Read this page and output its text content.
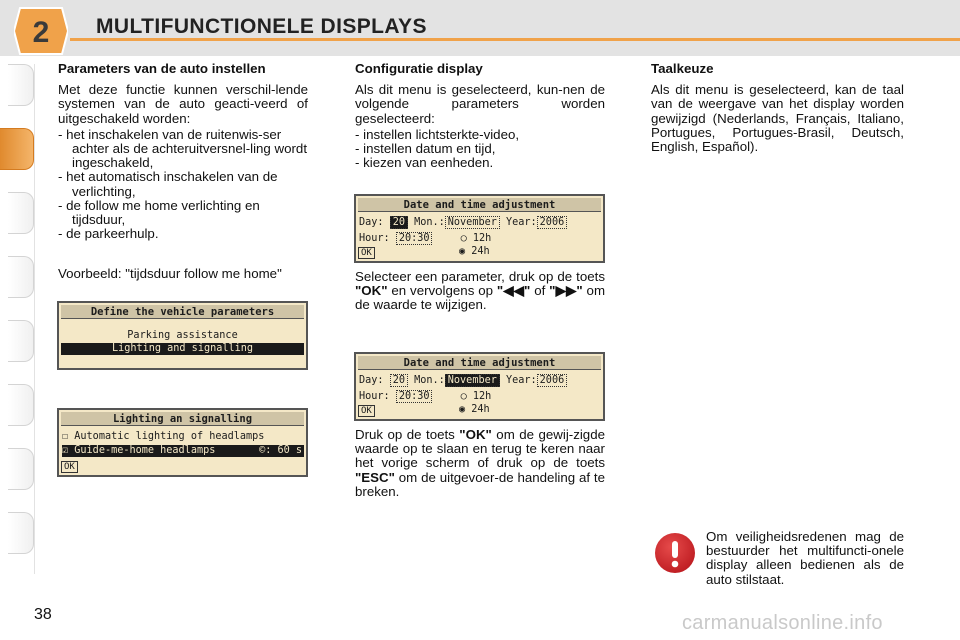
2 MULTIFUNCTIONELE DISPLAYS
Parameters van de auto instellen

Met deze functie kunnen verschil-lende systemen van de auto geacti-veerd of uitgeschakeld worden:

- het inschakelen van de ruitenwis-ser achter als de achteruitversnel-ling wordt ingeschakeld,
- het automatisch inschakelen van de verlichting,
- de follow me home verlichting en tijdsduur,
- de parkeerhulp.

Voorbeeld: "tijdsduur follow me home"

Define the vehicle parameters
Parking assistance
Lighting and signalling
Lighting an signalling
☐ Automatic lighting of headlamps
☑ Guide-me-home headlamps	©: 60 s
OK
Configuratie display

Als dit menu is geselecteerd, kun-nen de volgende parameters worden geselecteerd:

- instellen lichtsterkte-video,
- instellen datum en tijd,
- kiezen van eenheden.
Date and time adjustment
Day: 20 Mon.: November Year: 2006
Hour: 20:30	○ 12h
◉ 24h
OK

Selecteer een parameter, druk op de toets "OK" en vervolgens op "◀◀" of "▶▶" om de waarde te wijzigen.

Date and time adjustment
Day: 20 Mon.: November Year: 2006
Hour: 20:30	○ 12h
◉ 24h
OK

Druk op de toets "OK" om de gewij-zigde waarde op te slaan en terug te keren naar het vorige scherm of druk op de toets "ESC" om de uitgevoer-de handeling af te breken.

Taalkeuze

Als dit menu is geselecteerd, kan de taal van de weergave van het display worden gewijzigd (Nederlands, Français, Italiano, Portugues, Portugues-Brasil, Deutsch, English, Español).

Om veiligheidsredenen mag de bestuurder het multifuncti-onele display alleen bedienen als de auto stilstaat.
38	carmanualsonline.info
